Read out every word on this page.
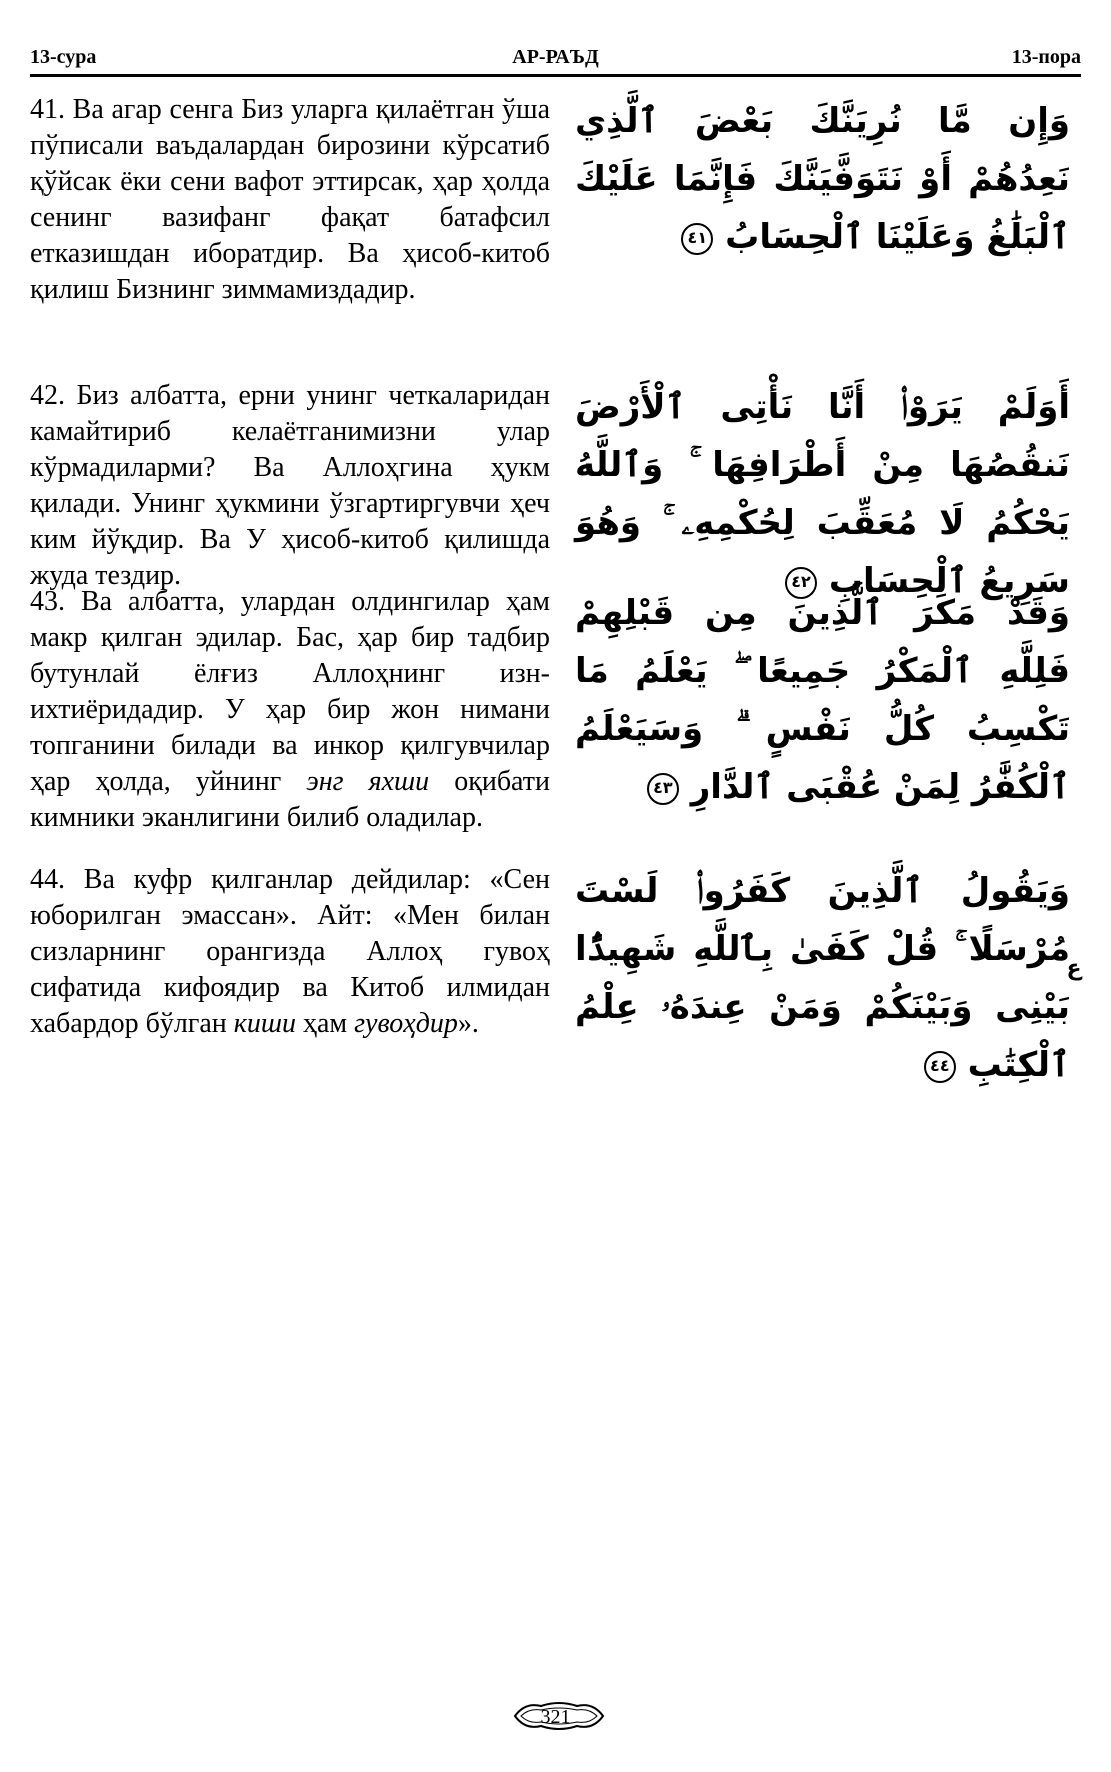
13-сура	АР-РАЪД	13-пора
41. Ва агар сенга Биз уларга қилаётган ўша пўписали ваъдалардан бирозини кўрсатиб қўйсак ёки сени вафот эттирсак, ҳар ҳолда сенинг вазифанг фақат батафсил етказишдан иборатдир. Ва ҳисоб-китоб қилиш Бизнинг зиммамиздадир.
وَإِن مَّا نُرِيَنَّكَ بَعْضَ ٱلَّذِي نَعِدُهُمْ أَوْ نَتَوَفَّيَنَّكَ فَإِنَّمَا عَلَيْكَ ٱلْبَلَٰغُ وَعَلَيْنَا ٱلْحِسَابُ ٤١
42. Биз албатта, ерни унинг четкаларидан камайтириб келаётганимизни улар кўрмадиларми? Ва Аллоҳгина ҳукм қилади. Унинг ҳукмини ўзгартиргувчи ҳеч ким йўқдир. Ва У ҳисоб-китоб қилишда жуда тездир.
أَوَلَمْ يَرَوْا۟ أَنَّا نَأْتِى ٱلْأَرْضَ نَنقُصُهَا مِنْ أَطْرَافِهَا ۚ وَٱللَّهُ يَحْكُمُ لَا مُعَقِّبَ لِحُكْمِهِۦ ۚ وَهُوَ سَرِيعُ ٱلْحِسَابِ ٤٢
43. Ва албатта, улардан олдингилар ҳам макр қилган эдилар. Бас, ҳар бир тадбир бутунлай ёлғиз Аллоҳнинг изн-ихтиёридадир. У ҳар бир жон нимани топганини билади ва инкор қилгувчилар ҳар ҳолда, уйнинг энг яхши оқибати кимники эканлигини билиб оладилар.
وَقَدْ مَكَرَ ٱلَّذِينَ مِن قَبْلِهِمْ فَلِلَّهِ ٱلْمَكْرُ جَمِيعًا ۖ يَعْلَمُ مَا تَكْسِبُ كُلُّ نَفْسٍ ۗ وَسَيَعْلَمُ ٱلْكُفَّٰرُ لِمَنْ عُقْبَى ٱلدَّارِ ٤٣
44. Ва куфр қилганлар дейдилар: «Сен юборилган эмассан». Айт: «Мен билан сизларнинг орангизда Аллоҳ гувоҳ сифатида кифоядир ва Китоб илмидан хабардор бўлган киши ҳам гувоҳдир».
وَيَقُولُ ٱلَّذِينَ كَفَرُوا۟ لَسْتَ مُرْسَلًا ۚ قُلْ كَفَىٰ بِٱللَّهِ شَهِيدًۢا بَيْنِى وَبَيْنَكُمْ وَمَنْ عِندَهُۥ عِلْمُ ٱلْكِتَٰبِ ٤٤
ع
321
